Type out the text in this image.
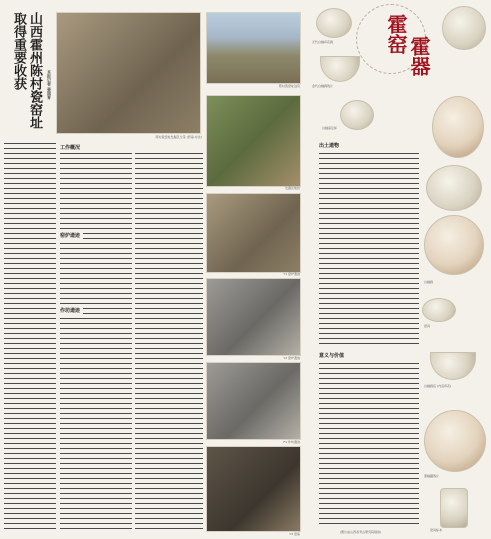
取得重要收获 山西霍州陈村瓷窑址 本报记者 晏国育
陈村瓷窑址发掘区全景 (西南-东北)
工作概况
窑炉遗迹
作坊遗迹
陈村瓷窑址远景
发掘区航拍
Y1 窑炉遗迹
Y2 窑炉遗迹
F1 作坊遗迹
Y3 窑室
元代白釉印花碗	霍窑
霍器
金代白釉碗残片
白釉高足杯
出土遗物
白釉碗
窑具
白釉碗底 (内底印花)
意义与价值
黑釉罐残片
窑具标本
(图片由山西省考古研究院提供)
